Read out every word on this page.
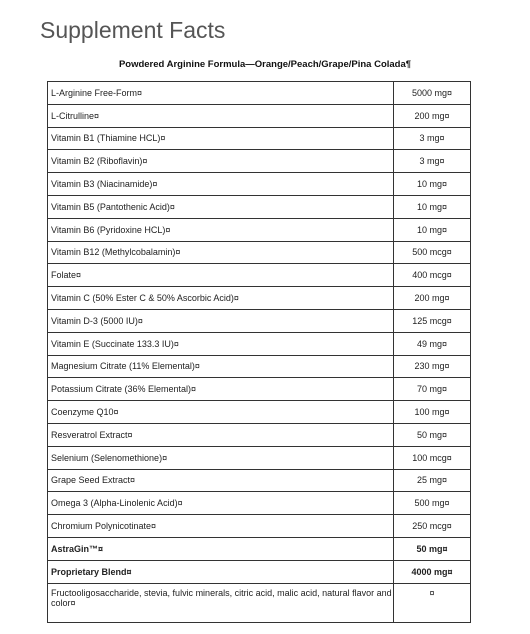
Supplement Facts
Powdered Arginine Formula—Orange/Peach/Grape/Pina Colada¶
L-Arginine Free-Form¤	5000 mg¤
L-Citrulline¤	200 mg¤
Vitamin B1 (Thiamine HCL)¤	3 mg¤
Vitamin B2 (Riboflavin)¤	3 mg¤
Vitamin B3 (Niacinamide)¤	10 mg¤
Vitamin B5 (Pantothenic Acid)¤	10 mg¤
Vitamin B6 (Pyridoxine HCL)¤	10 mg¤
Vitamin B12 (Methylcobalamin)¤	500 mcg¤
Folate¤	400 mcg¤
Vitamin C (50% Ester C & 50% Ascorbic Acid)¤	200 mg¤
Vitamin D-3 (5000 IU)¤	125 mcg¤
Vitamin E (Succinate 133.3 IU)¤	49 mg¤
Magnesium Citrate (11% Elemental)¤	230 mg¤
Potassium Citrate (36% Elemental)¤	70 mg¤
Coenzyme Q10¤	100 mg¤
Resveratrol Extract¤	50 mg¤
Selenium (Selenomethione)¤	100 mcg¤
Grape Seed Extract¤	25 mg¤
Omega 3 (Alpha-Linolenic Acid)¤	500 mg¤
Chromium Polynicotinate¤	250 mcg¤
AstraGin™¤	50 mg¤
Proprietary Blend¤	4000 mg¤
Fructooligosaccharide, stevia, fulvic minerals, citric acid, malic acid, natural flavor and color¤	¤
